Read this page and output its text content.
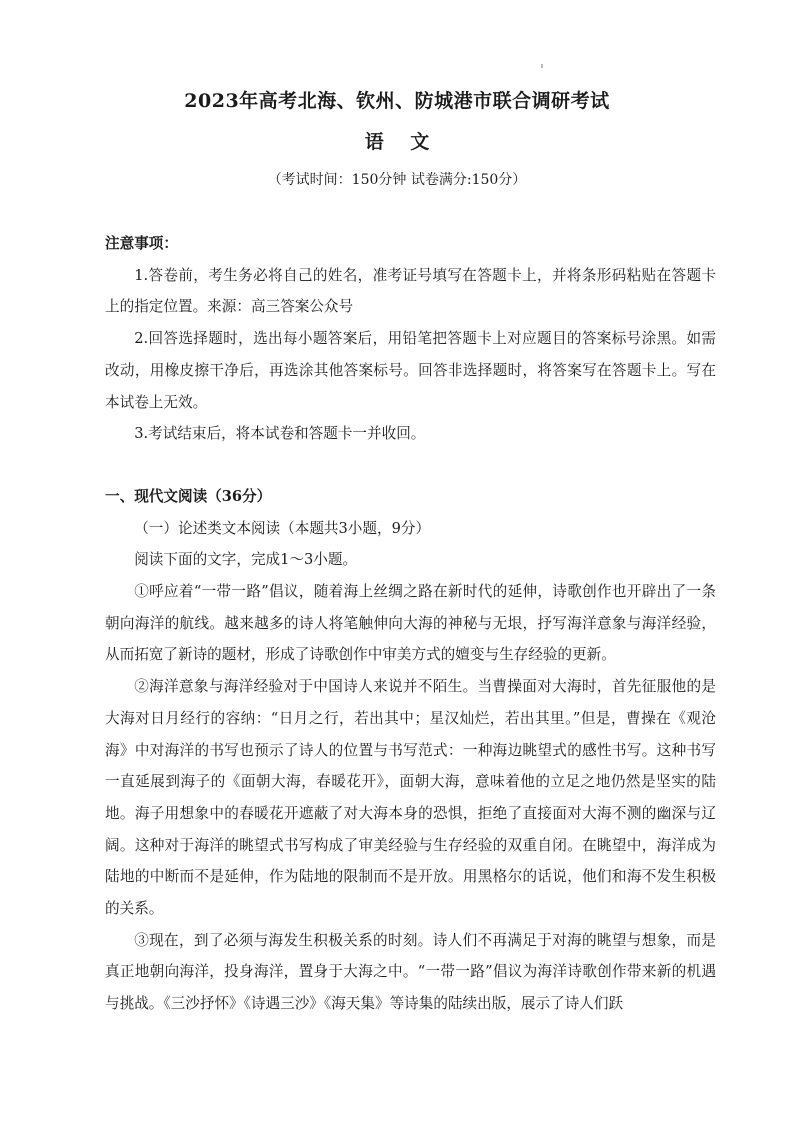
2023年高考北海、钦州、防城港市联合调研考试
语 文
（考试时间：150分钟 试卷满分:150分）

注意事项：

1.答卷前，考生务必将自己的姓名，准考证号填写在答题卡上，并将条形码粘贴在答题卡上的指定位置。来源：高三答案公众号

2.回答选择题时，选出每小题答案后，用铅笔把答题卡上对应题目的答案标号涂黑。如需改动，用橡皮擦干净后，再选涂其他答案标号。回答非选择题时，将答案写在答题卡上。写在本试卷上无效。

3.考试结束后，将本试卷和答题卡一并收回。

一、现代文阅读（36分）

（一）论述类文本阅读（本题共3小题，9分）

阅读下面的文字，完成1～3小题。

①呼应着“一带一路”倡议，随着海上丝绸之路在新时代的延伸，诗歌创作也开辟出了一条朝向海洋的航线。越来越多的诗人将笔触伸向大海的神秘与无垠，抒写海洋意象与海洋经验，从而拓宽了新诗的题材，形成了诗歌创作中审美方式的嬗变与生存经验的更新。

②海洋意象与海洋经验对于中国诗人来说并不陌生。当曹操面对大海时，首先征服他的是大海对日月经行的容纳：“日月之行，若出其中；星汉灿烂，若出其里。”但是，曹操在《观沧海》中对海洋的书写也预示了诗人的位置与书写范式：一种海边眺望式的感性书写。这种书写一直延展到海子的《面朝大海，春暖花开》，面朝大海，意味着他的立足之地仍然是坚实的陆地。海子用想象中的春暖花开遮蔽了对大海本身的恐惧，拒绝了直接面对大海不测的幽深与辽阔。这种对于海洋的眺望式书写构成了审美经验与生存经验的双重自闭。在眺望中，海洋成为陆地的中断而不是延伸，作为陆地的限制而不是开放。用黑格尔的话说，他们和海不发生积极的关系。

③现在，到了必须与海发生积极关系的时刻。诗人们不再满足于对海的眺望与想象，而是真正地朝向海洋，投身海洋，置身于大海之中。“一带一路”倡议为海洋诗歌创作带来新的机遇与挑战。《三沙抒怀》《诗遇三沙》《海天集》等诗集的陆续出版，展示了诗人们跃
